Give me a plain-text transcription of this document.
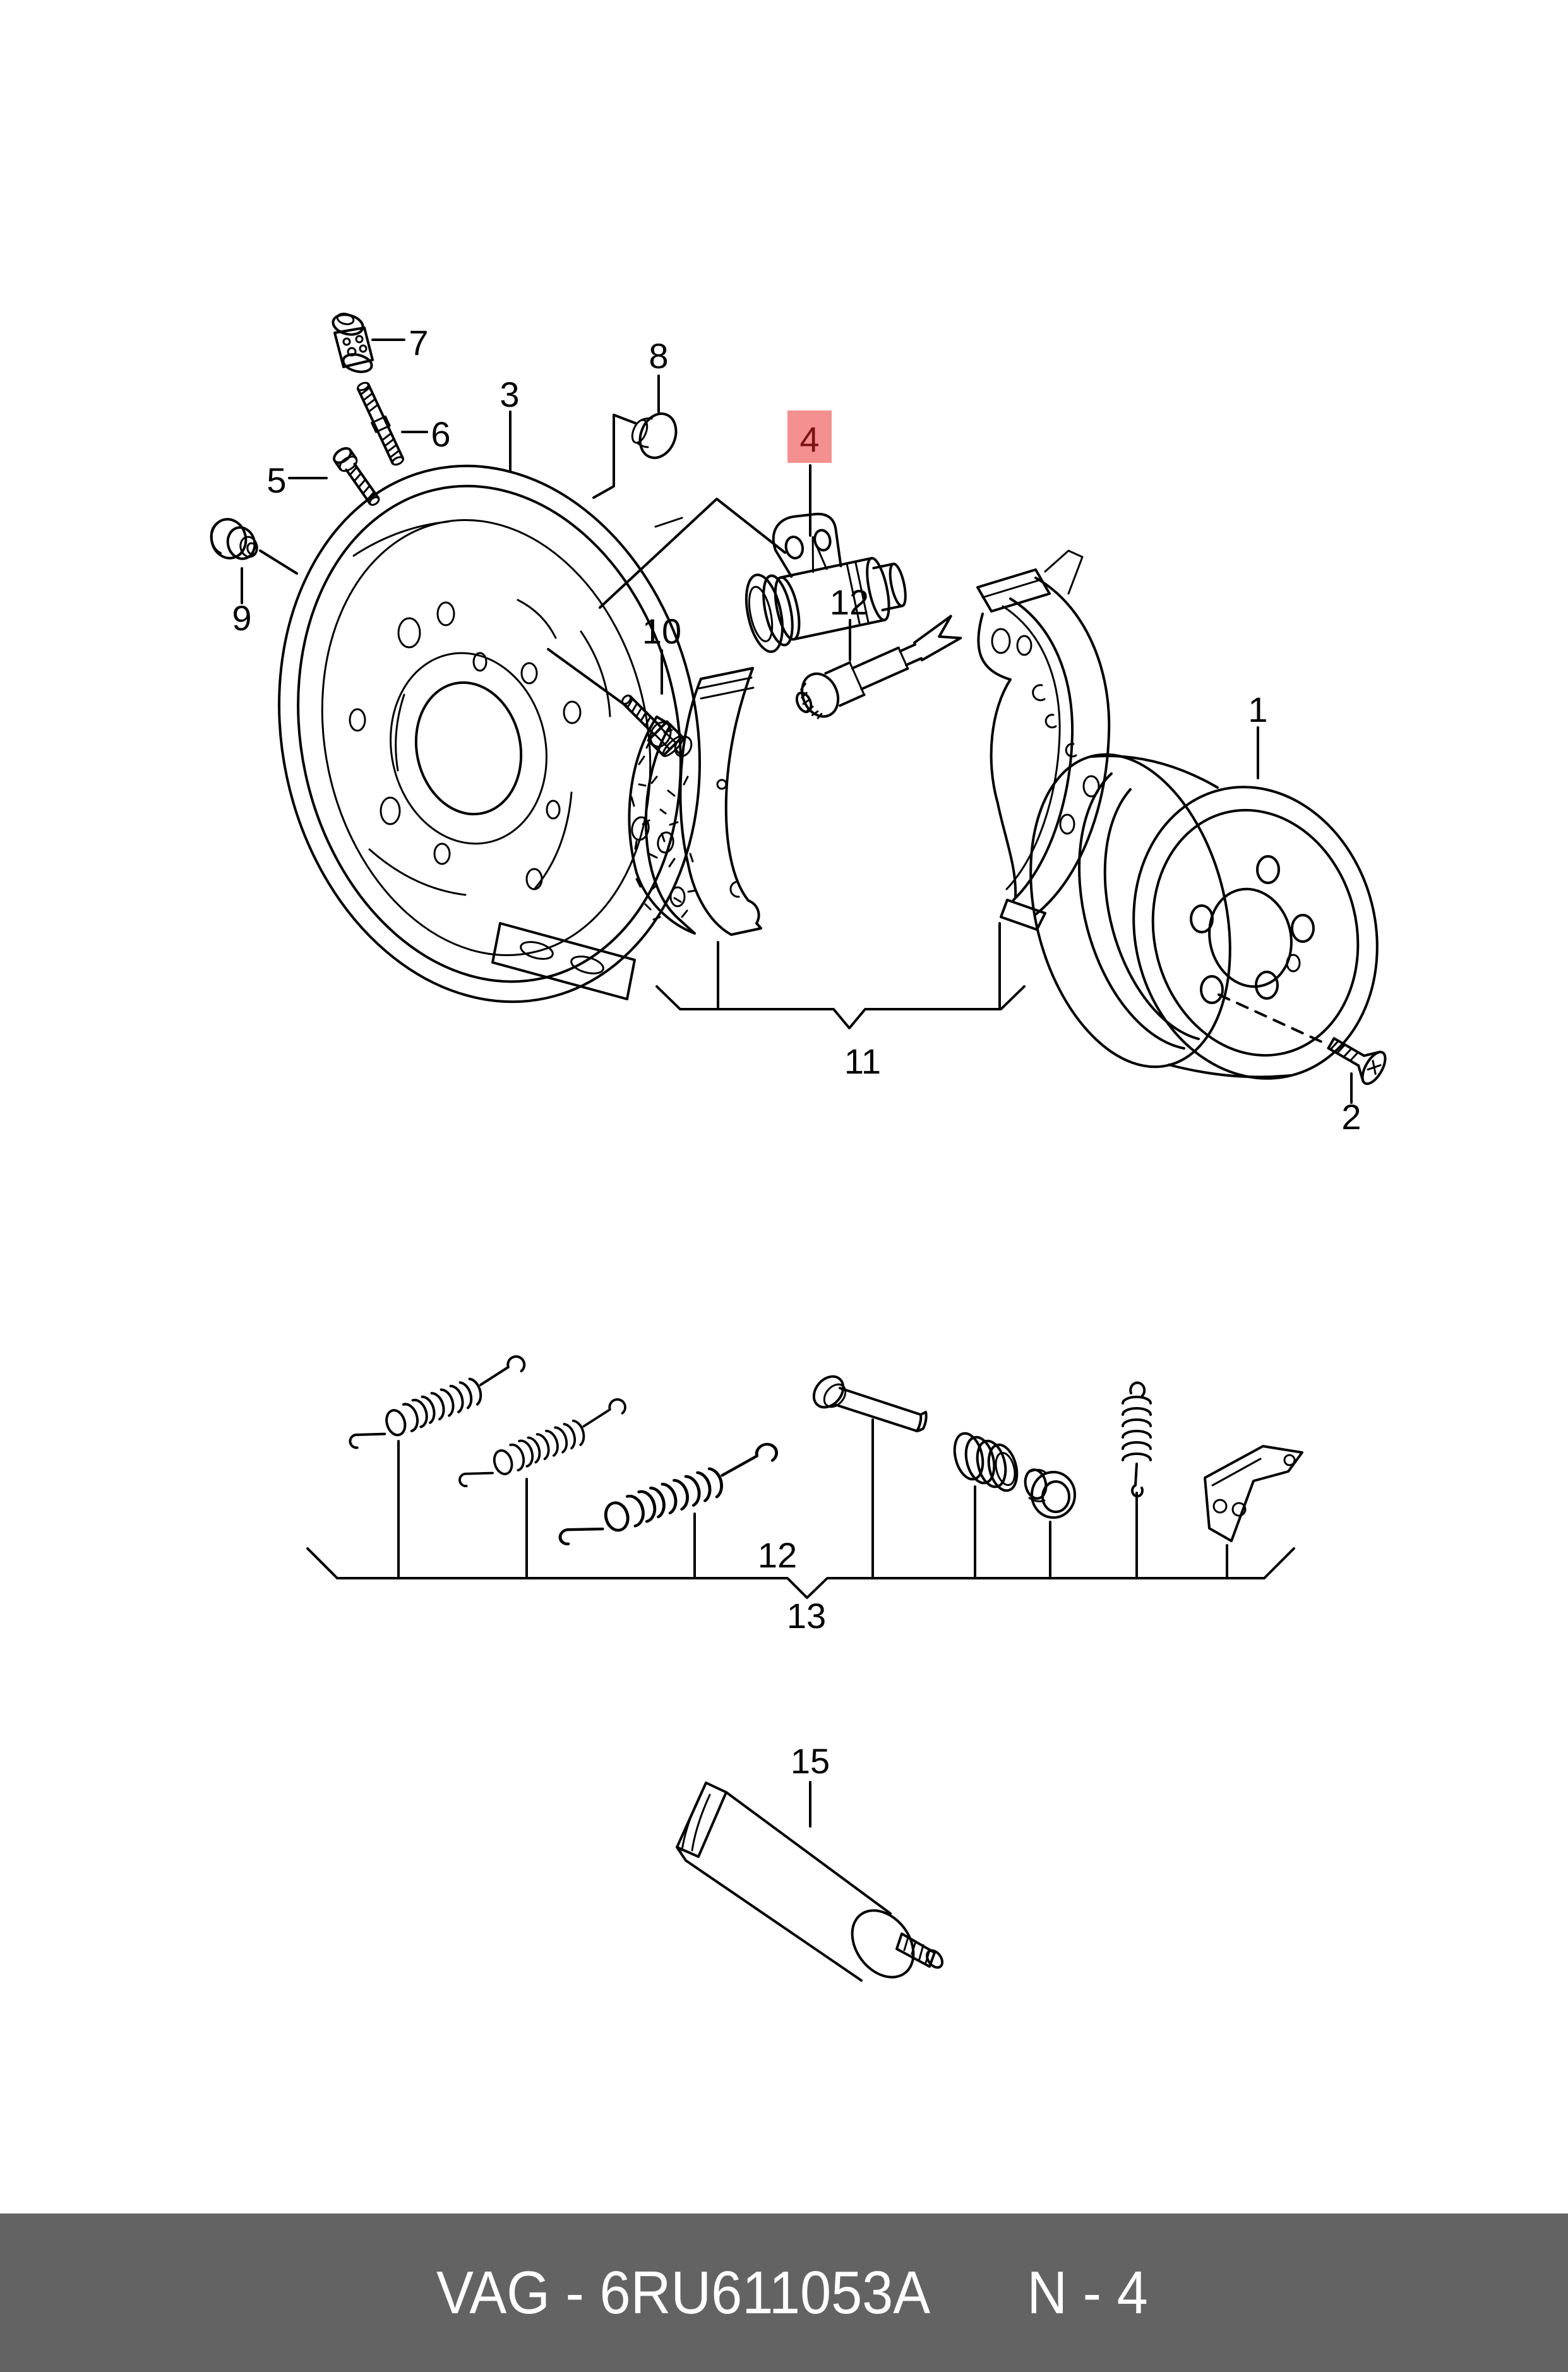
1
2
3
4
5
6
7	8
9	10
11
12
12
13
15
VAG - 6RU611053A N - 4
